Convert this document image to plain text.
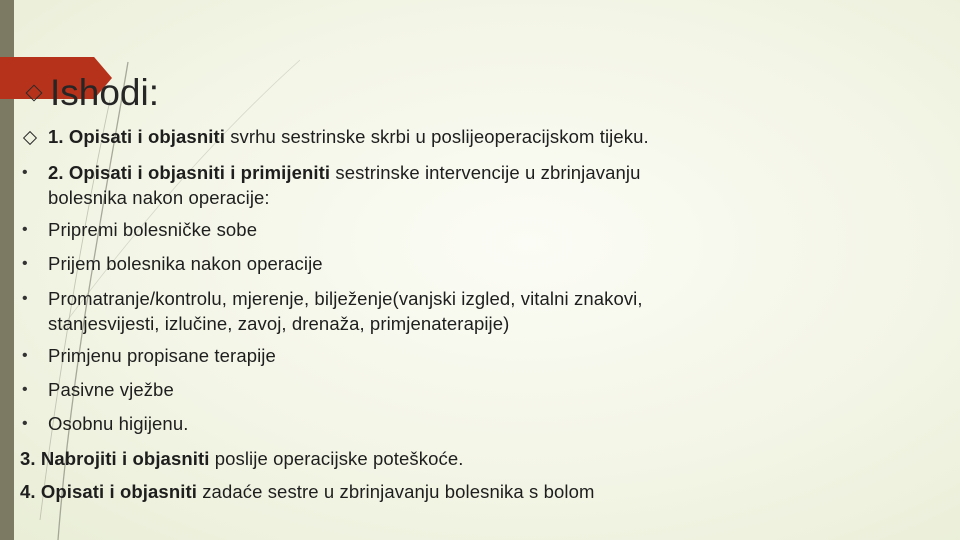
Ishodi:
1. Opisati i objasniti svrhu sestrinske skrbi u poslijeoperacijskom tijeku.
• 2. Opisati i objasniti i primijeniti sestrinske intervencije u zbrinjavanju
bolesnika nakon operacije:
• Pripremi bolesničke sobe
• Prijem bolesnika nakon operacije
• Promatranje/kontrolu, mjerenje, bilježenje(vanjski izgled, vitalni znakovi,
stanjesvijesti, izlučine, zavoj, drenaža, primjenaterapije)
• Primjenu propisane terapije
• Pasivne vježbe
• Osobnu higijenu.
3. Nabrojiti i objasniti poslije operacijske poteškoće.
4. Opisati i objasniti zadaće sestre u zbrinjavanju bolesnika s bolom
